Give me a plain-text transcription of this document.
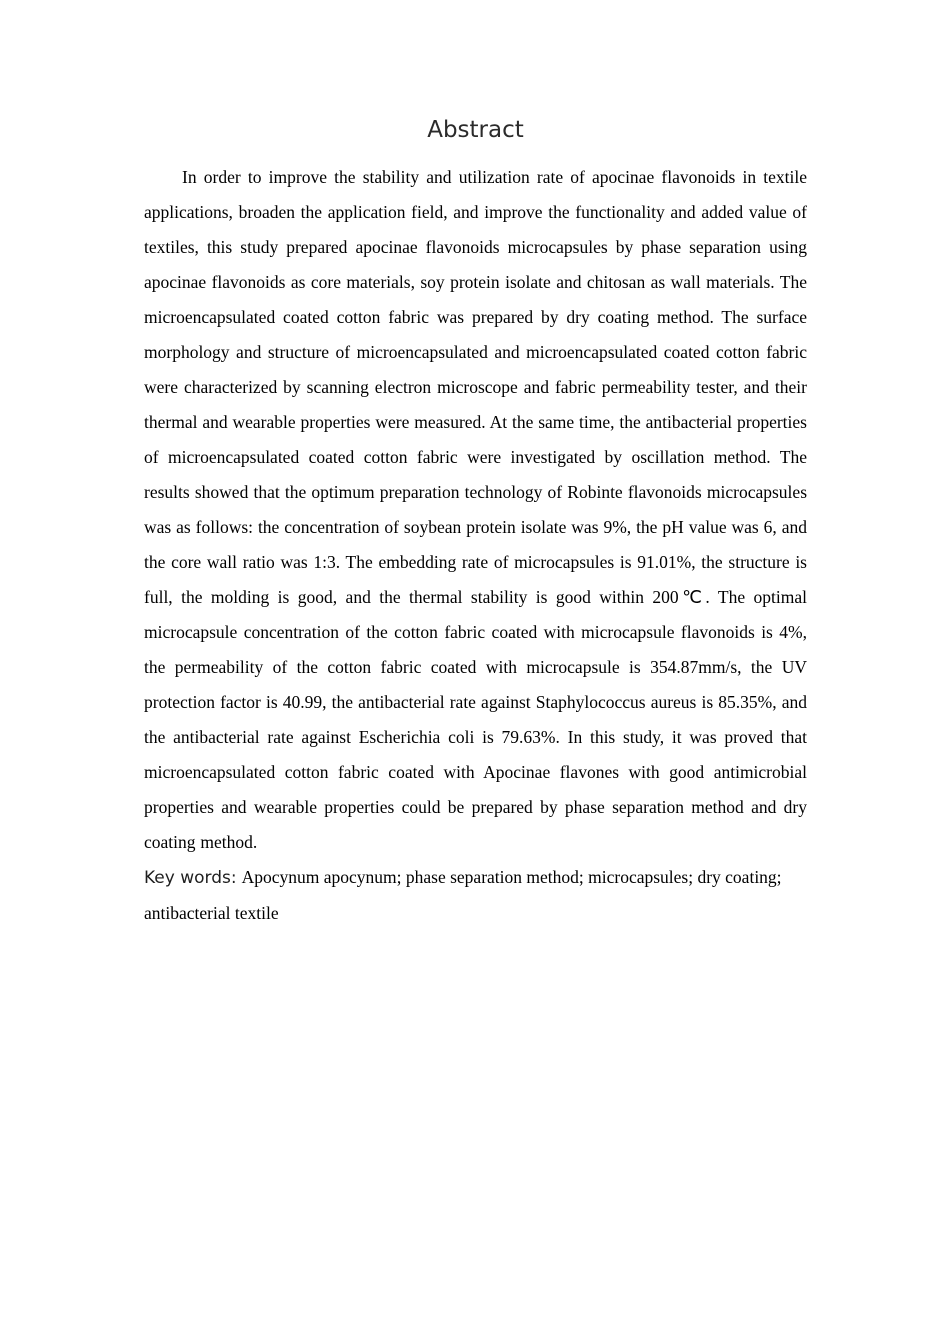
Abstract

In order to improve the stability and utilization rate of apocinae flavonoids in textile applications, broaden the application field, and improve the functionality and added value of textiles, this study prepared apocinae flavonoids microcapsules by phase separation using apocinae flavonoids as core materials, soy protein isolate and chitosan as wall materials. The microencapsulated coated cotton fabric was prepared by dry coating method. The surface morphology and structure of microencapsulated and microencapsulated coated cotton fabric were characterized by scanning electron microscope and fabric permeability tester, and their thermal and wearable properties were measured. At the same time, the antibacterial properties of microencapsulated coated cotton fabric were investigated by oscillation method. The results showed that the optimum preparation technology of Robinte flavonoids microcapsules was as follows: the concentration of soybean protein isolate was 9%, the pH value was 6, and the core wall ratio was 1:3. The embedding rate of microcapsules is 91.01%, the structure is full, the molding is good, and the thermal stability is good within 200℃. The optimal microcapsule concentration of the cotton fabric coated with microcapsule flavonoids is 4%, the permeability of the cotton fabric coated with microcapsule is 354.87mm/s, the UV protection factor is 40.99, the antibacterial rate against Staphylococcus aureus is 85.35%, and the antibacterial rate against Escherichia coli is 79.63%. In this study, it was proved that microencapsulated cotton fabric coated with Apocinae flavones with good antimicrobial properties and wearable properties could be prepared by phase separation method and dry coating method.

Key words: Apocynum apocynum; phase separation method; microcapsules; dry coating; antibacterial textile
